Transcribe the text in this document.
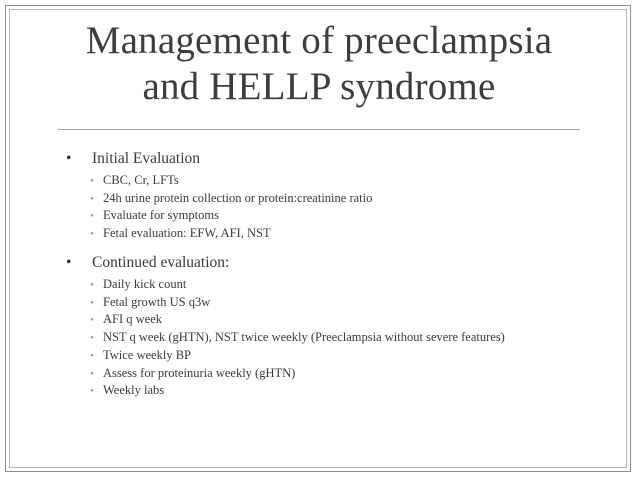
Management of preeclampsia
and HELLP syndrome
• Initial Evaluation
• CBC, Cr, LFTs
• 24h urine protein collection or protein:creatinine ratio
• Evaluate for symptoms
• Fetal evaluation: EFW, AFI, NST
• Continued evaluation:
• Daily kick count
• Fetal growth US q3w
• AFI q week
• NST q week (gHTN), NST twice weekly (Preeclampsia without severe features)
• Twice weekly BP
• Assess for proteinuria weekly (gHTN)
• Weekly labs
